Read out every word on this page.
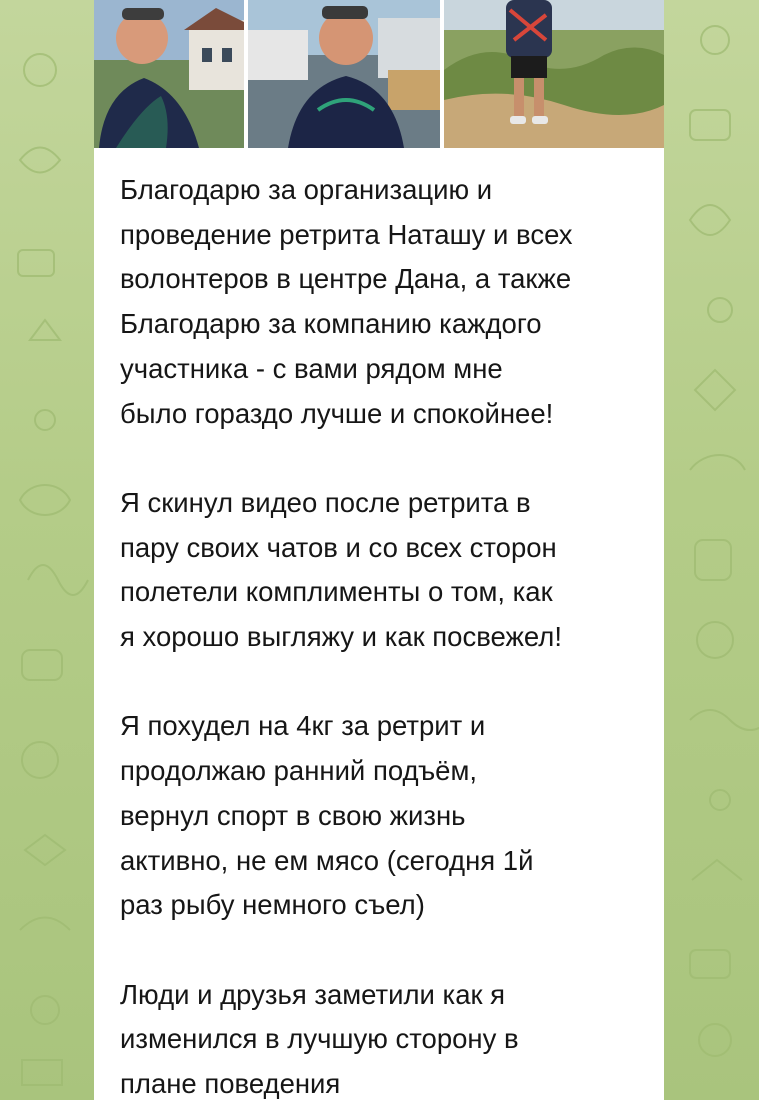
Благодарю за организацию и
проведение ретрита Наташу и всех
волонтеров в центре Дана, а также
Благодарю за компанию каждого
участника - с вами рядом мне
было гораздо лучше и спокойнее!

Я скинул видео после ретрита в
пару своих чатов и со всех сторон
полетели комплименты о том, как
я хорошо выгляжу и как посвежел!

Я похудел на 4кг за ретрит и
продолжаю ранний подъём,
вернул спорт в свою жизнь
активно, не ем мясо (сегодня 1й
раз рыбу немного съел)

Люди и друзья заметили как я
изменился в лучшую сторону в
плане поведения
